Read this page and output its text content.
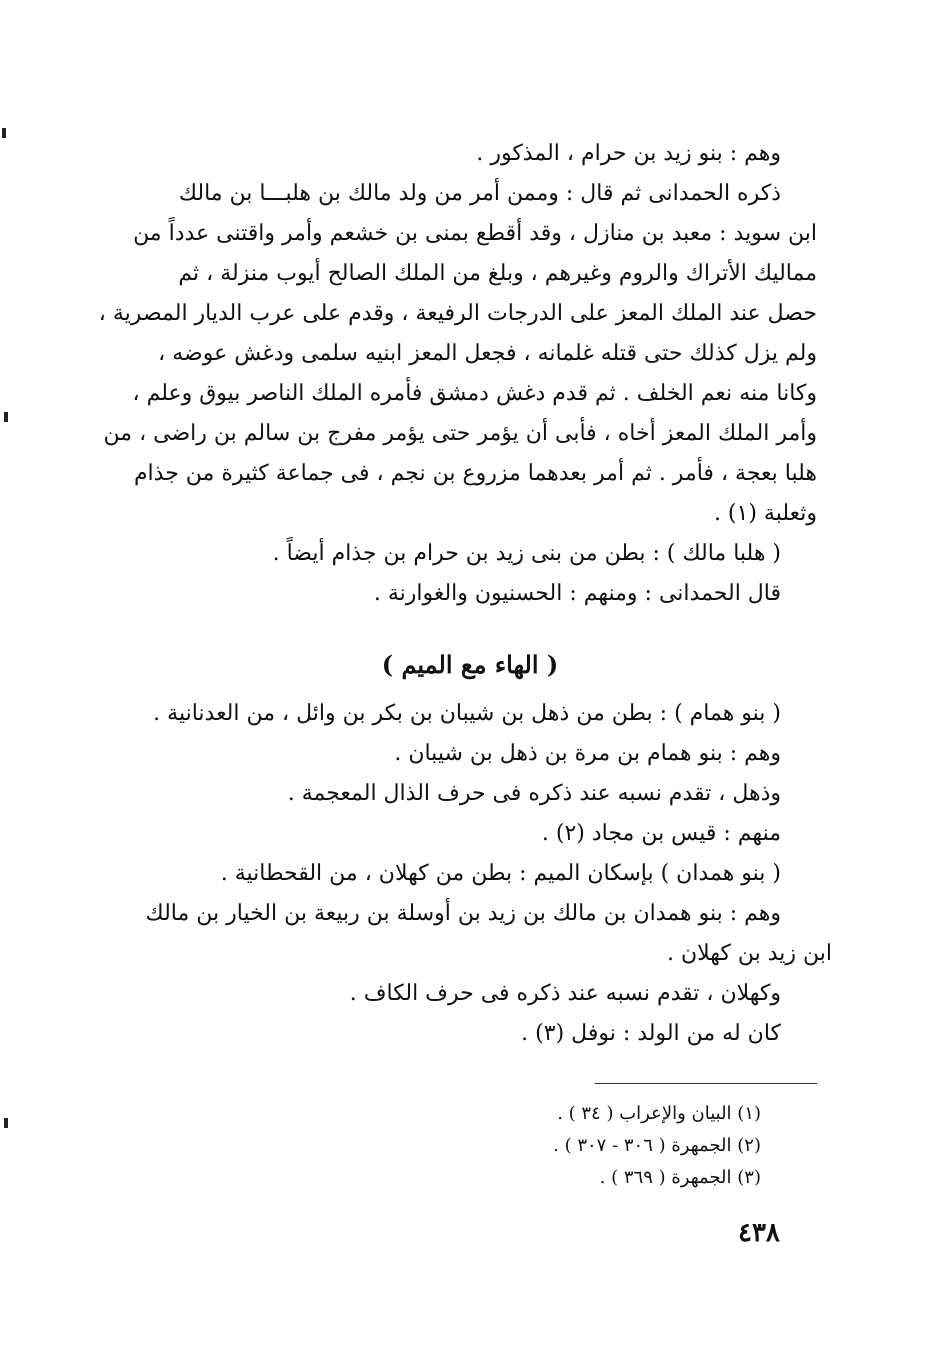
وهم : بنو زيد بن حرام ، المذكور .
ذكره الحمدانى ثم قال : وممن أمر من ولد مالك بن هلبـــا بن مالك
ابن سويد : معبد بن منازل ، وقد أقطع بمنى بن خشعم وأمر واقتنى عدداً من
مماليك الأتراك والروم وغيرهم ، وبلغ من الملك الصالح أيوب منزلة ، ثم
حصل عند الملك المعز على الدرجات الرفيعة ، وقدم على عرب الديار المصرية ،
ولم يزل كذلك حتى قتله غلمانه ، فجعل المعز ابنيه سلمى ودغش عوضه ،
وكانا منه نعم الخلف . ثم قدم دغش دمشق فأمره الملك الناصر بيوق وعلم ،
وأمر الملك المعز أخاه ، فأبى أن يؤمر حتى يؤمر مفرج بن سالم بن راضى ، من
هلبا بعجة ، فأمر . ثم أمر بعدهما مزروع بن نجم ، فى جماعة كثيرة من جذام
وثعلبة (١) .
( هلبا مالك ) : بطن من بنى زيد بن حرام بن جذام أيضاً .
قال الحمدانى : ومنهم : الحسنيون والغوارنة .
( الهاء مع الميم )
( بنو همام ) : بطن من ذهل بن شيبان بن بكر بن وائل ، من العدنانية .
وهم : بنو همام بن مرة بن ذهل بن شيبان .
وذهل ، تقدم نسبه عند ذكره فى حرف الذال المعجمة .
منهم : قيس بن مجاد (٢) .
( بنو همدان ) بإسكان الميم : بطن من كهلان ، من القحطانية .
وهم : بنو همدان بن مالك بن زيد بن أوسلة بن ربيعة بن الخيار بن مالك
ابن زيد بن كهلان .
وكهلان ، تقدم نسبه عند ذكره فى حرف الكاف .
كان له من الولد : نوفل (٣) .
(١) البيان والإعراب ( ٣٤ ) .
(٢) الجمهرة ( ٣٠٦ - ٣٠٧ ) .
(٣) الجمهرة ( ٣٦٩ ) .
٤٣٨
